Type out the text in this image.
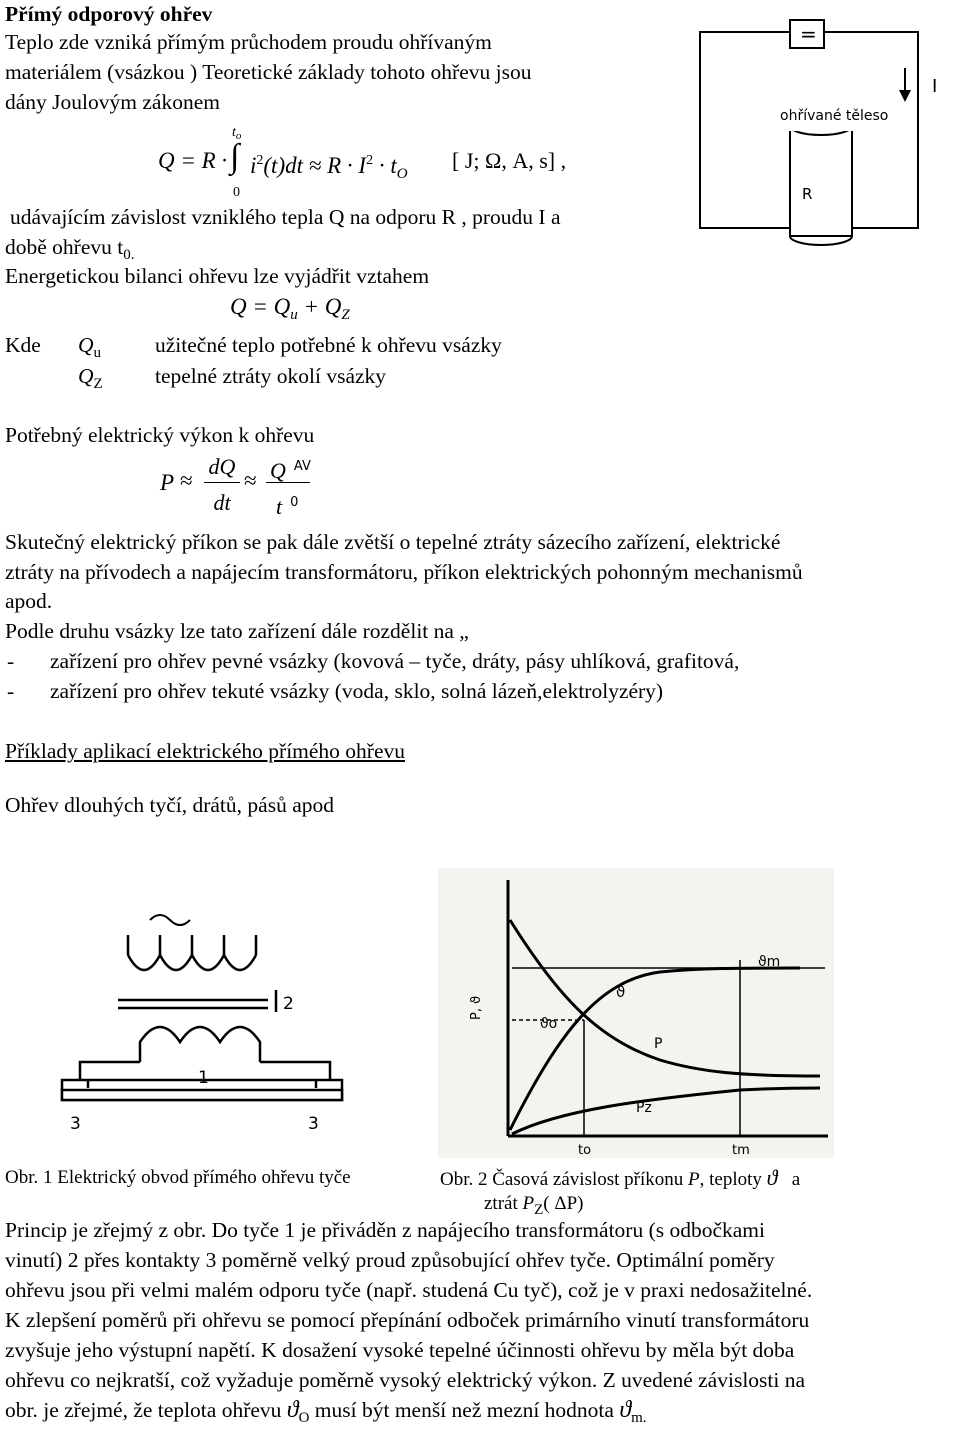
Přímý odporový ohřev
Teplo zde vzniká přímým průchodem proudu ohřívaným
materiálem (vsázkou ) Teoretické základy tohoto ohřevu jsou
dány Joulovým zákonem
Q = R ·
$t_o$
∫
0
$i^2(t)dt \approx R \cdot I^2 \cdot t_O$
[ J; Ω, A, s] ,
=
I
ohřívané těleso
R
udávajícím závislost vzniklého tepla Q na odporu R , proudu I a
době ohřevu $t_{0.}$
Energetickou bilanci ohřevu lze vyjádřit vztahem
$Q = Q_u + Q_Z$
Kde $Q_u$	užitečné teplo potřebné k ohřevu vsázky
$Q_Z$ tepelné ztráty okolí vsázky
Potřebný elektrický výkon k ohřevu
P ≈
dQ
dt
≈ Q $^{AV}$
t $^0$
Skutečný elektrický příkon se pak dále zvětší o tepelné ztráty sázecího zařízení, elektrické
ztráty na přívodech a napájecím transformátoru, příkon elektrických pohonným mechanismů
apod.
Podle druhu vsázky lze tato zařízení dále rozdělit na „
- zařízení pro ohřev pevné vsázky (kovová – tyče, dráty, pásy uhlíková, grafitová,
- zařízení pro ohřev tekuté vsázky (voda, sklo, solná lázeň,elektrolyzéry)
Příklady aplikací elektrického přímého ohřevu
Ohřev dlouhých tyčí, drátů, pásů apod
2
1
3	3
Obr. 1 Elektrický obvod přímého ohřevu tyče
P, ϑ
ϑm
ϑ
ϑo
P
Pz
to	tm
Obr. 2 Časová závislost příkonu P, teploty ϑ a
ztrát $P_Z$( ΔP)
Princip je zřejmý z obr. Do tyče 1 je přiváděn z napájecího transformátoru (s odbočkami
vinutí) 2 přes kontakty 3 poměrně velký proud způsobující ohřev tyče. Optimální poměry
ohřevu jsou při velmi malém odporu tyče (např. studená Cu tyč), což je v praxi nedosažitelné.
K zlepšení poměrů při ohřevu se pomocí přepínání odboček primárního vinutí transformátoru
zvyšuje jeho výstupní napětí. K dosažení vysoké tepelné účinnosti ohřevu by měla být doba
ohřevu co nejkratší, což vyžaduje poměrně vysoký elektrický výkon. Z uvedené závislosti na
obr. je zřejmé, že teplota ohřevu $ϑ_O$ musí být menší než mezní hodnota $ϑ_{m.}$
